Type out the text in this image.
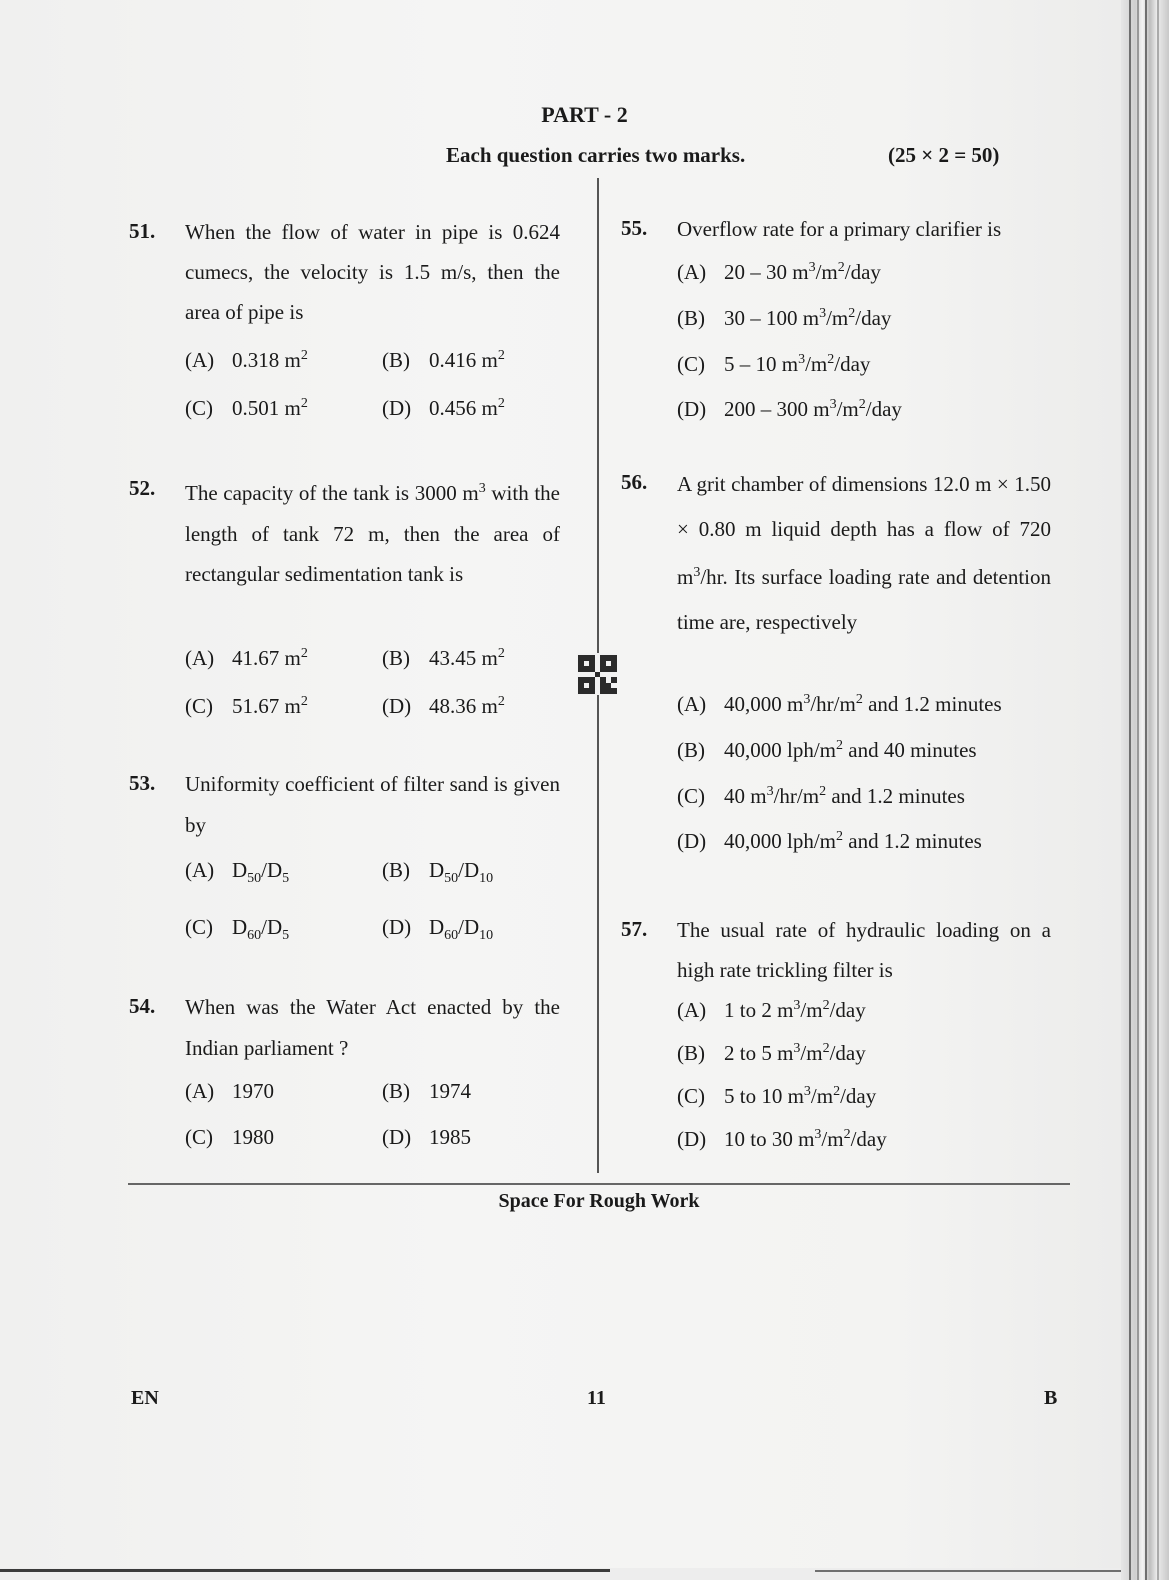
PART - 2
Each question carries two marks.	(25 × 2 = 50)
51. When the flow of water in pipe is 0.624 cumecs, the velocity is 1.5 m/s, then the area of pipe is
(A) 0.318 $m^2$	(B) 0.416 $m^2$
(C) 0.501 $m^2$	(D) 0.456 $m^2$
52. The capacity of the tank is 3000 $m^3$ with the length of tank 72 m, then the area of rectangular sedimentation tank is
(A) 41.67 $m^2$	(B) 43.45 $m^2$
(C) 51.67 $m^2$	(D) 48.36 $m^2$
53. Uniformity coefficient of filter sand is given by
(A) $D_{50}/D_5$	(B) $D_{50}/D_{10}$
(C) $D_{60}/D_5$	(D) $D_{60}/D_{10}$
54. When was the Water Act enacted by the Indian parliament ?
(A) 1970	(B) 1974
(C) 1980	(D) 1985
55. Overflow rate for a primary clarifier is
(A) 20 – 30 $m^3/m^2$/day
(B) 30 – 100 $m^3/m^2$/day
(C) 5 – 10 $m^3/m^2$/day
(D) 200 – 300 $m^3/m^2$/day
56. A grit chamber of dimensions 12.0 m × 1.50 × 0.80 m liquid depth has a flow of 720 $m^3/hr$. Its surface loading rate and detention time are, respectively
(A) 40,000 $m^3/hr/m^2$ and 1.2 minutes
(B) 40,000 lph/$m^2$ and 40 minutes
(C) 40 $m^3/hr/m^2$ and 1.2 minutes
(D) 40,000 lph/$m^2$ and 1.2 minutes
57. The usual rate of hydraulic loading on a high rate trickling filter is
(A) 1 to 2 $m^3/m^2$/day
(B) 2 to 5 $m^3/m^2$/day
(C) 5 to 10 $m^3/m^2$/day
(D) 10 to 30 $m^3/m^2$/day
Space For Rough Work
EN	11	B
